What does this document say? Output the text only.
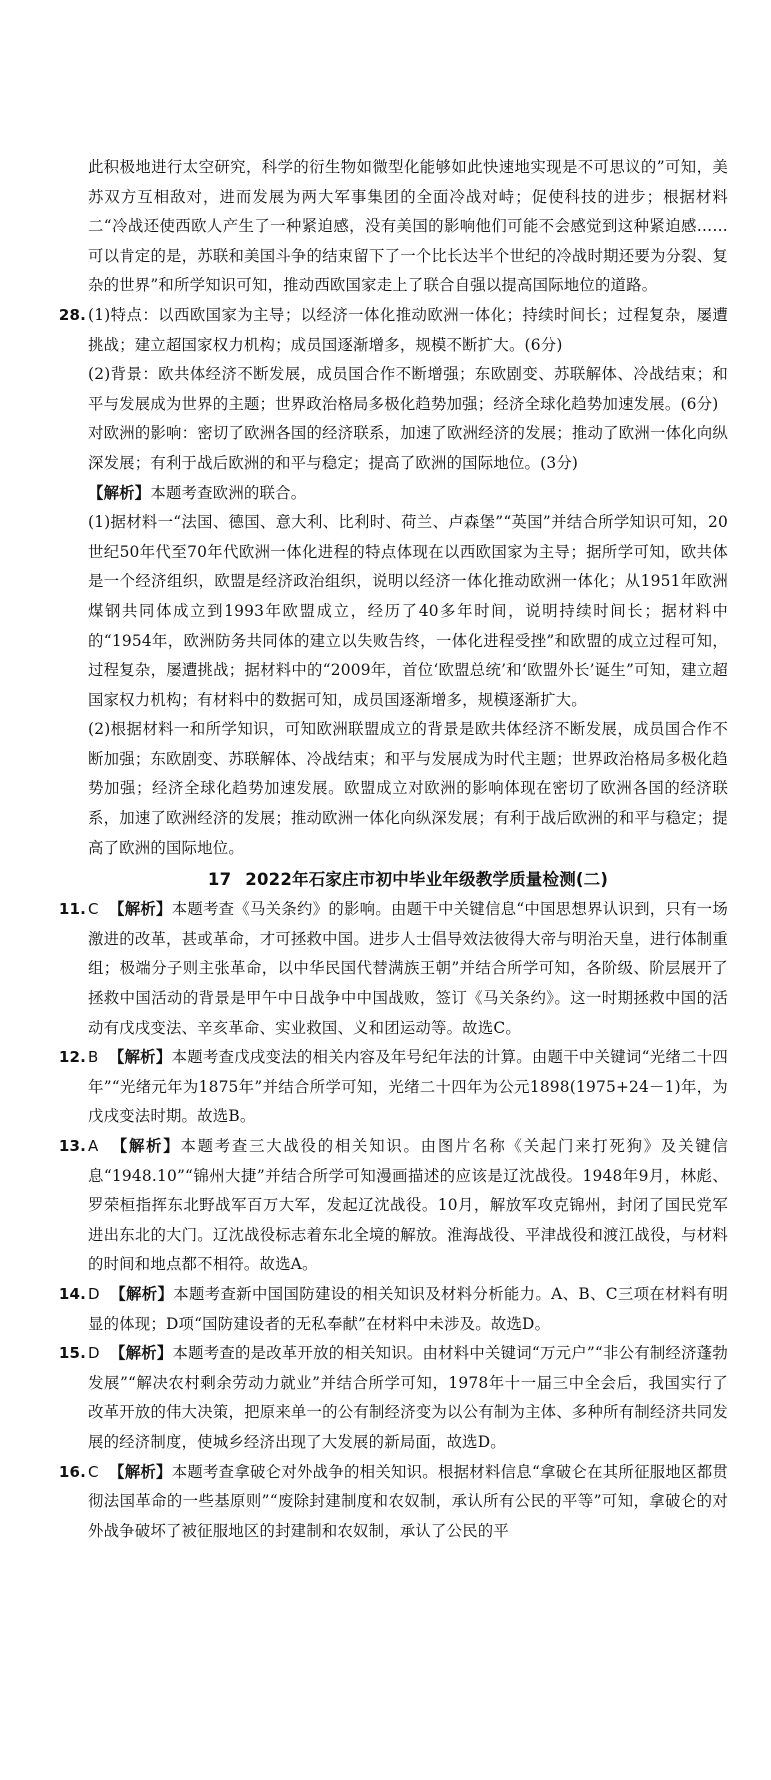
此积极地进行太空研究，科学的衍生物如微型化能够如此快速地实现是不可思议的”可知，美苏双方互相敌对，进而发展为两大军事集团的全面冷战对峙；促使科技的进步；根据材料二“冷战还使西欧人产生了一种紧迫感，没有美国的影响他们可能不会感觉到这种紧迫感……可以肯定的是，苏联和美国斗争的结束留下了一个比长达半个世纪的冷战时期还要为分裂、复杂的世界”和所学知识可知，推动西欧国家走上了联合自强以提高国际地位的道路。

28. (1)特点：以西欧国家为主导；以经济一体化推动欧洲一体化；持续时间长；过程复杂，屡遭挑战；建立超国家权力机构；成员国逐渐增多，规模不断扩大。(6分)

(2)背景：欧共体经济不断发展，成员国合作不断增强；东欧剧变、苏联解体、冷战结束；和平与发展成为世界的主题；世界政治格局多极化趋势加强；经济全球化趋势加速发展。(6分)

对欧洲的影响：密切了欧洲各国的经济联系，加速了欧洲经济的发展；推动了欧洲一体化向纵深发展；有利于战后欧洲的和平与稳定；提高了欧洲的国际地位。(3分)

【解析】本题考查欧洲的联合。

(1)据材料一“法国、德国、意大利、比利时、荷兰、卢森堡”“英国”并结合所学知识可知，20世纪50年代至70年代欧洲一体化进程的特点体现在以西欧国家为主导；据所学可知，欧共体是一个经济组织，欧盟是经济政治组织，说明以经济一体化推动欧洲一体化；从1951年欧洲煤钢共同体成立到1993年欧盟成立，经历了40多年时间，说明持续时间长；据材料中的“1954年，欧洲防务共同体的建立以失败告终，一体化进程受挫”和欧盟的成立过程可知，过程复杂，屡遭挑战；据材料中的“2009年，首位‘欧盟总统’和‘欧盟外长’诞生”可知，建立超国家权力机构；有材料中的数据可知，成员国逐渐增多，规模逐渐扩大。

(2)根据材料一和所学知识，可知欧洲联盟成立的背景是欧共体经济不断发展，成员国合作不断加强；东欧剧变、苏联解体、冷战结束；和平与发展成为时代主题；世界政治格局多极化趋势加强；经济全球化趋势加速发展。欧盟成立对欧洲的影响体现在密切了欧洲各国的经济联系，加速了欧洲经济的发展；推动欧洲一体化向纵深发展；有利于战后欧洲的和平与稳定；提高了欧洲的国际地位。

17 2022年石家庄市初中毕业年级教学质量检测(二)
11. C 【解析】本题考查《马关条约》的影响。由题干中关键信息“中国思想界认识到，只有一场激进的改革，甚或革命，才可拯救中国。进步人士倡导效法彼得大帝与明治天皇，进行体制重组；极端分子则主张革命，以中华民国代替满族王朝”并结合所学可知，各阶级、阶层展开了拯救中国活动的背景是甲午中日战争中中国战败，签订《马关条约》。这一时期拯救中国的活动有戊戌变法、辛亥革命、实业救国、义和团运动等。故选C。

12. B 【解析】本题考查戊戌变法的相关内容及年号纪年法的计算。由题干中关键词“光绪二十四年”“光绪元年为1875年”并结合所学可知，光绪二十四年为公元1898(1975+24－1)年，为戊戌变法时期。故选B。

13. A 【解析】本题考查三大战役的相关知识。由图片名称《关起门来打死狗》及关键信息“1948.10”“锦州大捷”并结合所学可知漫画描述的应该是辽沈战役。1948年9月，林彪、罗荣桓指挥东北野战军百万大军，发起辽沈战役。10月，解放军攻克锦州，封闭了国民党军进出东北的大门。辽沈战役标志着东北全境的解放。淮海战役、平津战役和渡江战役，与材料的时间和地点都不相符。故选A。

14. D 【解析】本题考查新中国国防建设的相关知识及材料分析能力。A、B、C三项在材料有明显的体现；D项“国防建设者的无私奉献”在材料中未涉及。故选D。

15. D 【解析】本题考查的是改革开放的相关知识。由材料中关键词“万元户”“非公有制经济蓬勃发展”“解决农村剩余劳动力就业”并结合所学可知，1978年十一届三中全会后，我国实行了改革开放的伟大决策，把原来单一的公有制经济变为以公有制为主体、多种所有制经济共同发展的经济制度，使城乡经济出现了大发展的新局面，故选D。

16. C 【解析】本题考查拿破仑对外战争的相关知识。根据材料信息“拿破仑在其所征服地区都贯彻法国革命的一些基原则”“废除封建制度和农奴制，承认所有公民的平等”可知，拿破仑的对外战争破坏了被征服地区的封建制和农奴制，承认了公民的平
